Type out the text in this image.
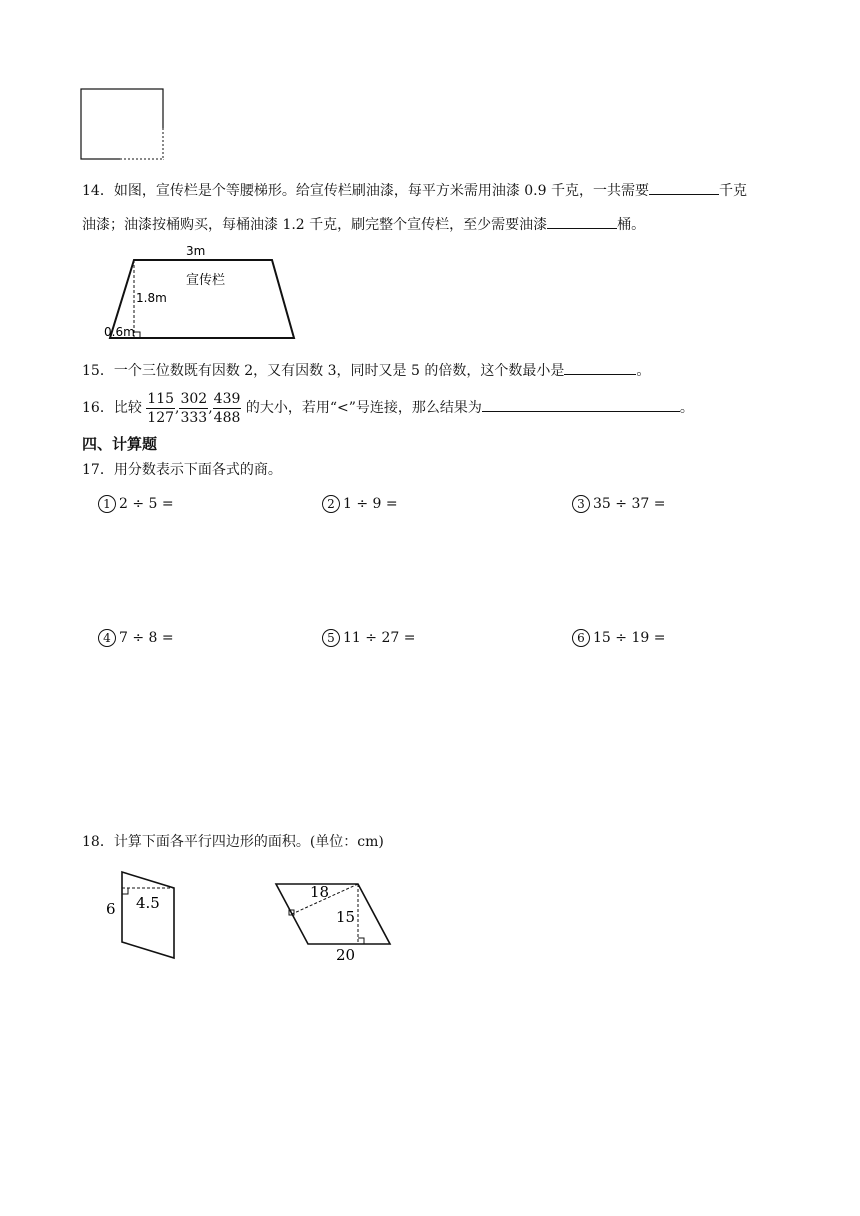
14．如图，宣传栏是个等腰梯形。给宣传栏刷油漆，每平方米需用油漆 0.9 千克，一共需要	千克
油漆；油漆按桶购买，每桶油漆 1.2 千克，刷完整个宣传栏，至少需要油漆	桶。
3m
宣传栏
1.8m
0.6m
15．一个三位数既有因数 2，又有因数 3，同时又是 5 的倍数，这个数最小是	。
16．比较 $\frac{115}{127}$ , $\frac{302}{333}$ , $\frac{439}{488}$ 的大小，若用“<”号连接，那么结果为	。
四、计算题
17．用分数表示下面各式的商。
1 2 ÷ 5 =	2 1 ÷ 9 =	3 35 ÷ 37 =
4 7 ÷ 8 =	5 11 ÷ 27 =	6 15 ÷ 19 =
18．计算下面各平行四边形的面积。(单位：cm)
6 4.5
18
15
20
